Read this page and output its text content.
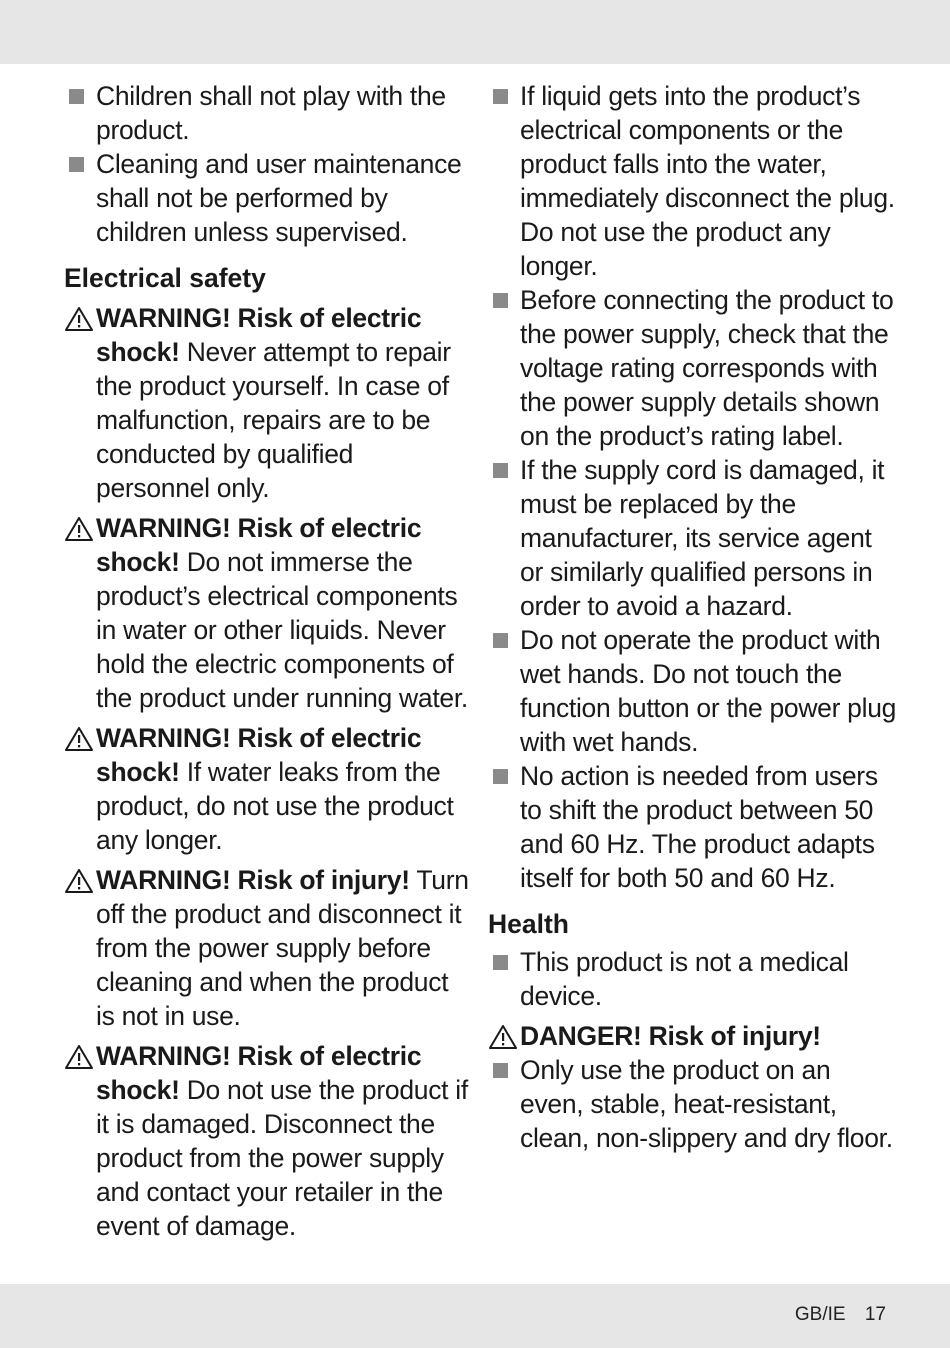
Children shall not play with the product.
Cleaning and user maintenance shall not be performed by children unless supervised.
Electrical safety
WARNING! Risk of electric shock! Never attempt to repair the product yourself. In case of malfunction, repairs are to be conducted by qualified personnel only.
WARNING! Risk of electric shock! Do not immerse the product’s electrical components in water or other liquids. Never hold the electric components of the product under running water.
WARNING! Risk of electric shock! If water leaks from the product, do not use the product any longer.
WARNING! Risk of injury! Turn off the product and disconnect it from the power supply before cleaning and when the product is not in use.
WARNING! Risk of electric shock! Do not use the product if it is damaged. Disconnect the product from the power supply and contact your retailer in the event of damage.
If liquid gets into the product’s electrical components or the product falls into the water, immediately disconnect the plug. Do not use the product any longer.
Before connecting the product to the power supply, check that the voltage rating corresponds with the power supply details shown on the product’s rating label.
If the supply cord is damaged, it must be replaced by the manufacturer, its service agent or similarly qualified persons in order to avoid a hazard.
Do not operate the product with wet hands. Do not touch the function button or the power plug with wet hands.
No action is needed from users to shift the product between 50 and 60 Hz. The product adapts itself for both 50 and 60 Hz.
Health
This product is not a medical device.
DANGER! Risk of injury!
Only use the product on an even, stable, heat-resistant, clean, non-slippery and dry floor.
GB/IE 17
